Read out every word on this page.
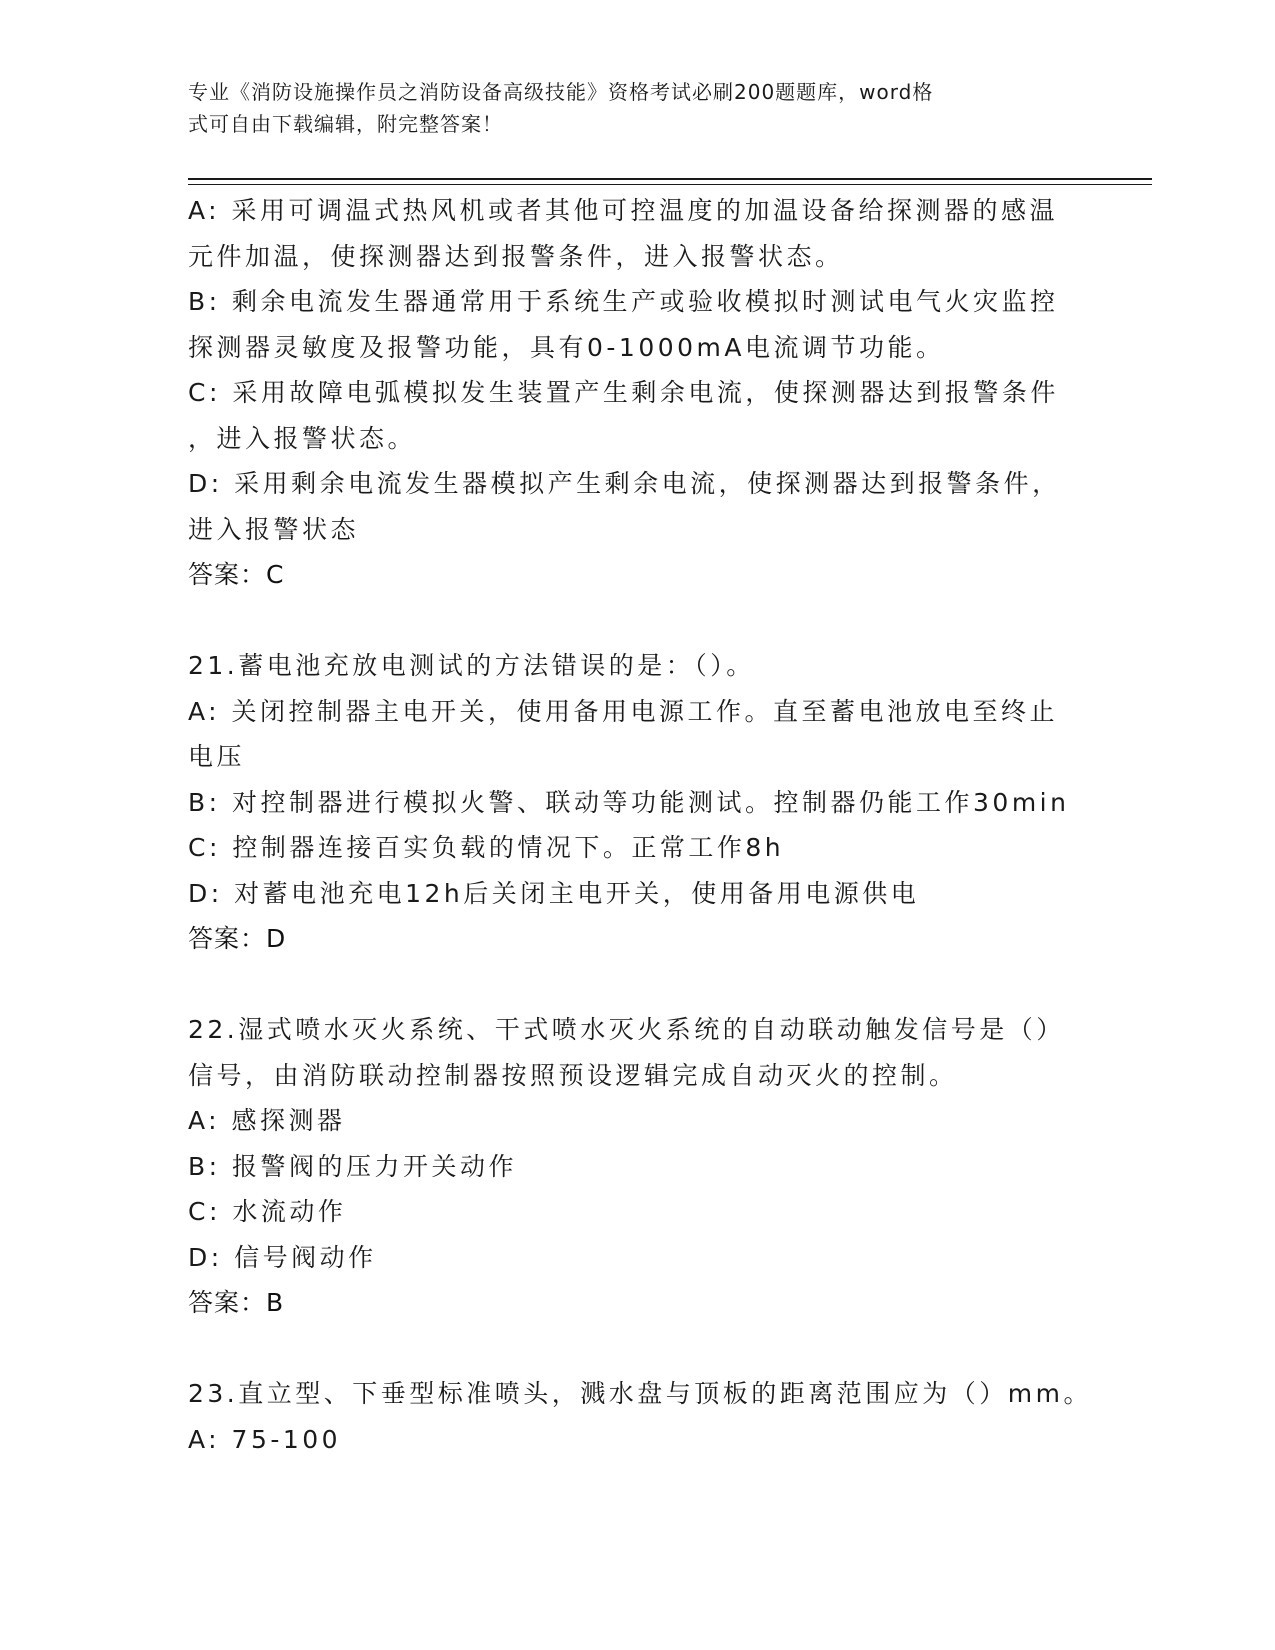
专业《消防设施操作员之消防设备高级技能》资格考试必刷200题题库，word格
式可自由下载编辑，附完整答案！
A: 采用可调温式热风机或者其他可控温度的加温设备给探测器的感温
元件加温，使探测器达到报警条件，进入报警状态。
B: 剩余电流发生器通常用于系统生产或验收模拟时测试电气火灾监控
探测器灵敏度及报警功能，具有0-1000mA电流调节功能。
C: 采用故障电弧模拟发生装置产生剩余电流，使探测器达到报警条件
，进入报警状态。
D: 采用剩余电流发生器模拟产生剩余电流，使探测器达到报警条件，
进入报警状态
答案：C
21.蓄电池充放电测试的方法错误的是：（）。
A: 关闭控制器主电开关，使用备用电源工作。直至蓄电池放电至终止
电压
B: 对控制器进行模拟火警、联动等功能测试。控制器仍能工作30min
C: 控制器连接百实负载的情况下。正常工作8h
D: 对蓄电池充电12h后关闭主电开关，使用备用电源供电
答案：D
22.湿式喷水灭火系统、干式喷水灭火系统的自动联动触发信号是（）
信号，由消防联动控制器按照预设逻辑完成自动灭火的控制。
A: 感探测器
B: 报警阀的压力开关动作
C: 水流动作
D: 信号阀动作
答案：B
23.直立型、下垂型标准喷头，溅水盘与顶板的距离范围应为（）mm。
A: 75-100
